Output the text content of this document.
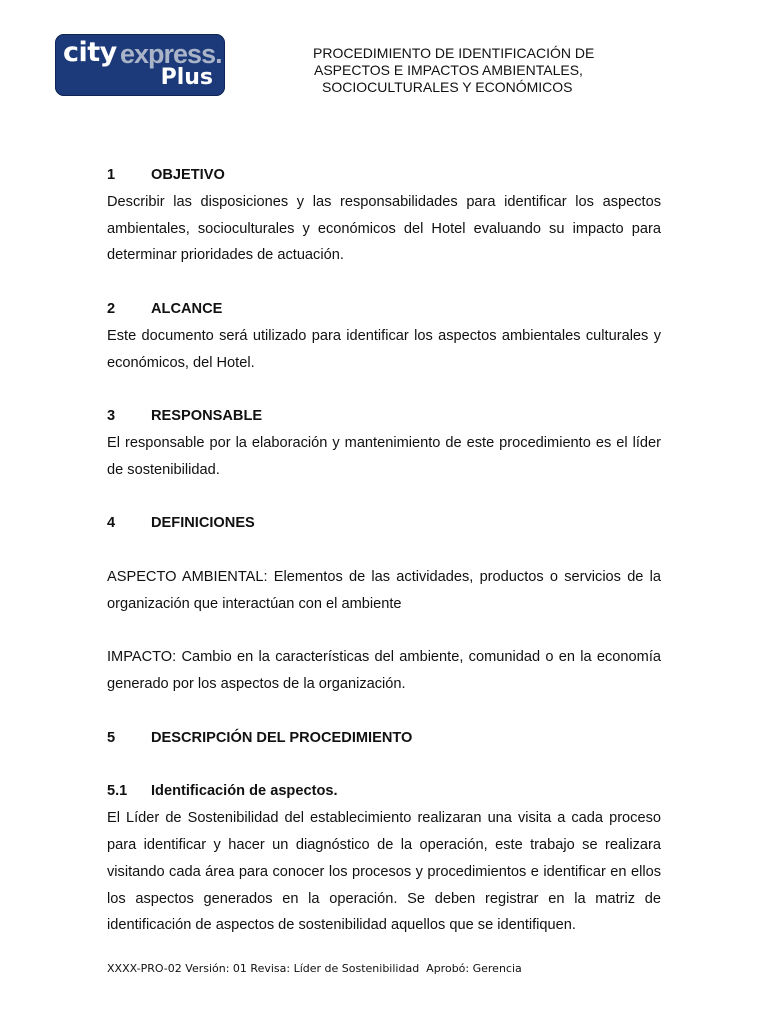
city express.
Plus
PROCEDIMIENTO DE IDENTIFICACIÓN DE
ASPECTOS E IMPACTOS AMBIENTALES,
SOCIOCULTURALES Y ECONÓMICOS
1	OBJETIVO

Describir las disposiciones y las responsabilidades para identificar los aspectos ambientales, socioculturales y económicos del Hotel evaluando su impacto para determinar prioridades de actuación.

2	ALCANCE

Este documento será utilizado para identificar los aspectos ambientales culturales y económicos, del Hotel.

3	RESPONSABLE

El responsable por la elaboración y mantenimiento de este procedimiento es el líder de sostenibilidad.

4	DEFINICIONES

ASPECTO AMBIENTAL: Elementos de las actividades, productos o servicios de la organización que interactúan con el ambiente

IMPACTO: Cambio en la características del ambiente, comunidad o en la economía generado por los aspectos de la organización.

5	DESCRIPCIÓN DEL PROCEDIMIENTO
5.1	Identificación de aspectos.

El Líder de Sostenibilidad del establecimiento realizaran una visita a cada proceso para identificar y hacer un diagnóstico de la operación, este trabajo se realizara visitando cada área para conocer los procesos y procedimientos e identificar en ellos los aspectos generados en la operación. Se deben registrar en la matriz de identificación de aspectos de sostenibilidad aquellos que se identifiquen.

XXXX-PRO-02 Versión: 01 Revisa: Líder de Sostenibilidad  Aprobó: Gerencia
